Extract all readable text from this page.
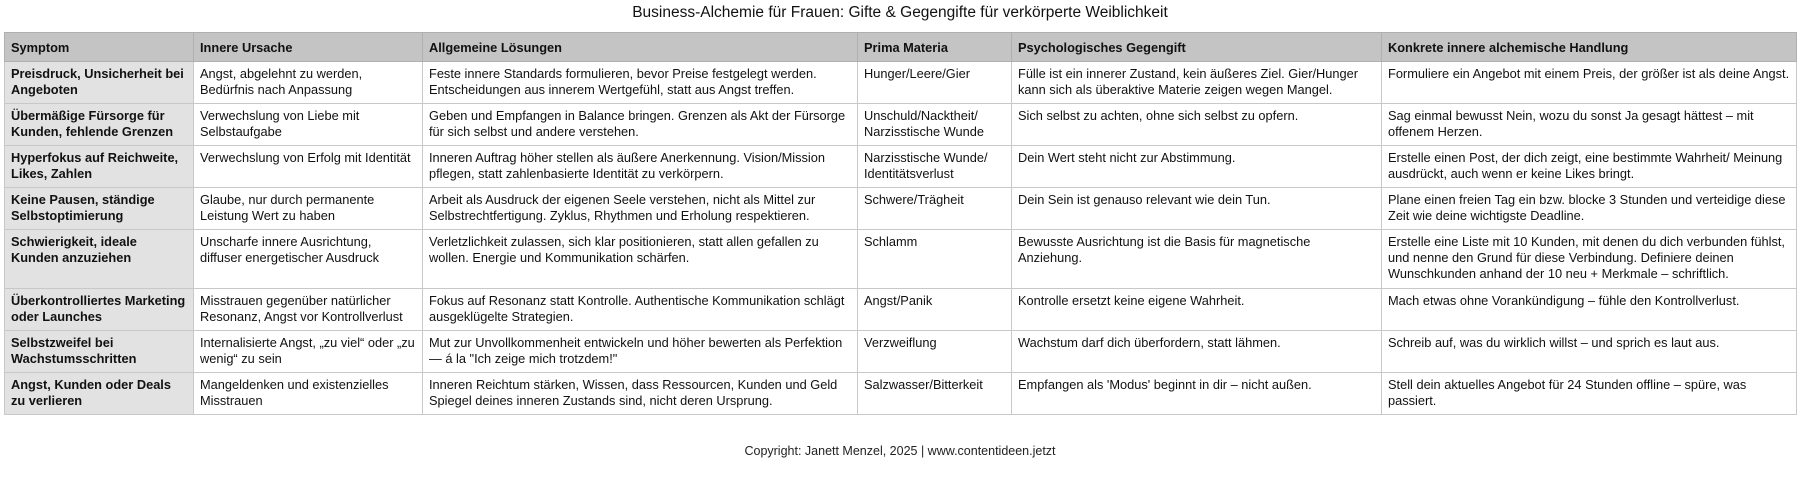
Business-Alchemie für Frauen: Gifte & Gegengifte für verkörperte Weiblichkeit
Symptom	Innere Ursache	Allgemeine Lösungen	Prima Materia	Psychologisches Gegengift	Konkrete innere alchemische Handlung
Preisdruck, Unsicherheit bei Angeboten	Angst, abgelehnt zu werden, Bedürfnis nach Anpassung	Feste innere Standards formulieren, bevor Preise festgelegt werden. Entscheidungen aus innerem Wertgefühl, statt aus Angst treffen.	Hunger/Leere/Gier	Fülle ist ein innerer Zustand, kein äußeres Ziel. Gier/Hunger kann sich als überaktive Materie zeigen wegen Mangel.	Formuliere ein Angebot mit einem Preis, der größer ist als deine Angst.
Übermäßige Fürsorge für Kunden, fehlende Grenzen	Verwechslung von Liebe mit Selbstaufgabe	Geben und Empfangen in Balance bringen. Grenzen als Akt der Fürsorge für sich selbst und andere verstehen.	Unschuld/Nacktheit/ Narzisstische Wunde	Sich selbst zu achten, ohne sich selbst zu opfern.	Sag einmal bewusst Nein, wozu du sonst Ja gesagt hättest – mit offenem Herzen.
Hyperfokus auf Reichweite, Likes, Zahlen	Verwechslung von Erfolg mit Identität	Inneren Auftrag höher stellen als äußere Anerkennung. Vision/Mission pflegen, statt zahlenbasierte Identität zu verkörpern.	Narzisstische Wunde/ Identitätsverlust	Dein Wert steht nicht zur Abstimmung.	Erstelle einen Post, der dich zeigt, eine bestimmte Wahrheit/ Meinung ausdrückt, auch wenn er keine Likes bringt.
Keine Pausen, ständige Selbstoptimierung	Glaube, nur durch permanente Leistung Wert zu haben	Arbeit als Ausdruck der eigenen Seele verstehen, nicht als Mittel zur Selbstrechtfertigung. Zyklus, Rhythmen und Erholung respektieren.	Schwere/Trägheit	Dein Sein ist genauso relevant wie dein Tun.	Plane einen freien Tag ein bzw. blocke 3 Stunden und verteidige diese Zeit wie deine wichtigste Deadline.
Schwierigkeit, ideale Kunden anzuziehen	Unscharfe innere Ausrichtung, diffuser energetischer Ausdruck	Verletzlichkeit zulassen, sich klar positionieren, statt allen gefallen zu wollen. Energie und Kommunikation schärfen.	Schlamm	Bewusste Ausrichtung ist die Basis für magnetische Anziehung.	Erstelle eine Liste mit 10 Kunden, mit denen du dich verbunden fühlst, und nenne den Grund für diese Verbindung. Definiere deinen Wunschkunden anhand der 10 neu + Merkmale – schriftlich.
Überkontrolliertes Marketing oder Launches	Misstrauen gegenüber natürlicher Resonanz, Angst vor Kontrollverlust	Fokus auf Resonanz statt Kontrolle. Authentische Kommunikation schlägt ausgeklügelte Strategien.	Angst/Panik	Kontrolle ersetzt keine eigene Wahrheit.	Mach etwas ohne Vorankündigung – fühle den Kontrollverlust.
Selbstzweifel bei Wachstumsschritten	Internalisierte Angst, „zu viel“ oder „zu wenig“ zu sein	Mut zur Unvollkommenheit entwickeln und höher bewerten als Perfektion — á la "Ich zeige mich trotzdem!"	Verzweiflung	Wachstum darf dich überfordern, statt lähmen.	Schreib auf, was du wirklich willst – und sprich es laut aus.
Angst, Kunden oder Deals zu verlieren	Mangeldenken und existenzielles Misstrauen	Inneren Reichtum stärken, Wissen, dass Ressourcen, Kunden und Geld Spiegel deines inneren Zustands sind, nicht deren Ursprung.	Salzwasser/Bitterkeit	Empfangen als 'Modus' beginnt in dir – nicht außen.	Stell dein aktuelles Angebot für 24 Stunden offline – spüre, was passiert.
Copyright: Janett Menzel, 2025 | www.contentideen.jetzt
